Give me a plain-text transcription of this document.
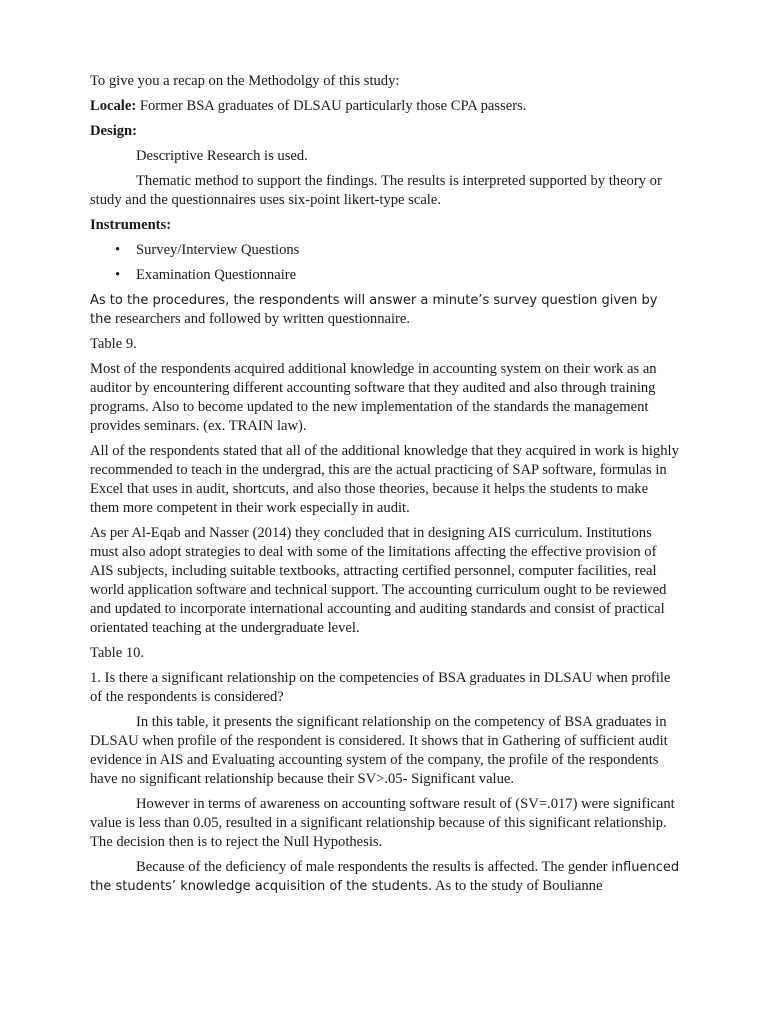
To give you a recap on the Methodolgy of this study:

Locale: Former BSA graduates of DLSAU particularly those CPA passers.

Design:

Descriptive Research is used.

Thematic method to support the findings. The results is interpreted supported by theory or study and the questionnaires uses six-point likert-type scale.

Instruments:

• Survey/Interview Questions
• Examination Questionnaire

As to the procedures, the respondents will answer a minute’s survey question given by the researchers and followed by written questionnaire.

Table 9.

Most of the respondents acquired additional knowledge in accounting system on their work as an auditor by encountering different accounting software that they audited and also through training programs. Also to become updated to the new implementation of the standards the management provides seminars. (ex. TRAIN law).

All of the respondents stated that all of the additional knowledge that they acquired in work is highly recommended to teach in the undergrad, this are the actual practicing of SAP software, formulas in Excel that uses in audit, shortcuts, and also those theories, because it helps the students to make them more competent in their work especially in audit.

As per Al-Eqab and Nasser (2014) they concluded that in designing AIS curriculum. Institutions must also adopt strategies to deal with some of the limitations affecting the effective provision of AIS subjects, including suitable textbooks, attracting certified personnel, computer facilities, real world application software and technical support. The accounting curriculum ought to be reviewed and updated to incorporate international accounting and auditing standards and consist of practical orientated teaching at the undergraduate level.

Table 10.

1. Is there a significant relationship on the competencies of BSA graduates in DLSAU when profile of the respondents is considered?

In this table, it presents the significant relationship on the competency of BSA graduates in DLSAU when profile of the respondent is considered. It shows that in Gathering of sufficient audit evidence in AIS and Evaluating accounting system of the company, the profile of the respondents have no significant relationship because their SV>.05- Significant value.

However in terms of awareness on accounting software result of (SV=.017) were significant value is less than 0.05, resulted in a significant relationship because of this significant relationship. The decision then is to reject the Null Hypothesis.

Because of the deficiency of male respondents the results is affected. The gender influenced the students’ knowledge acquisition of the students. As to the study of Boulianne
